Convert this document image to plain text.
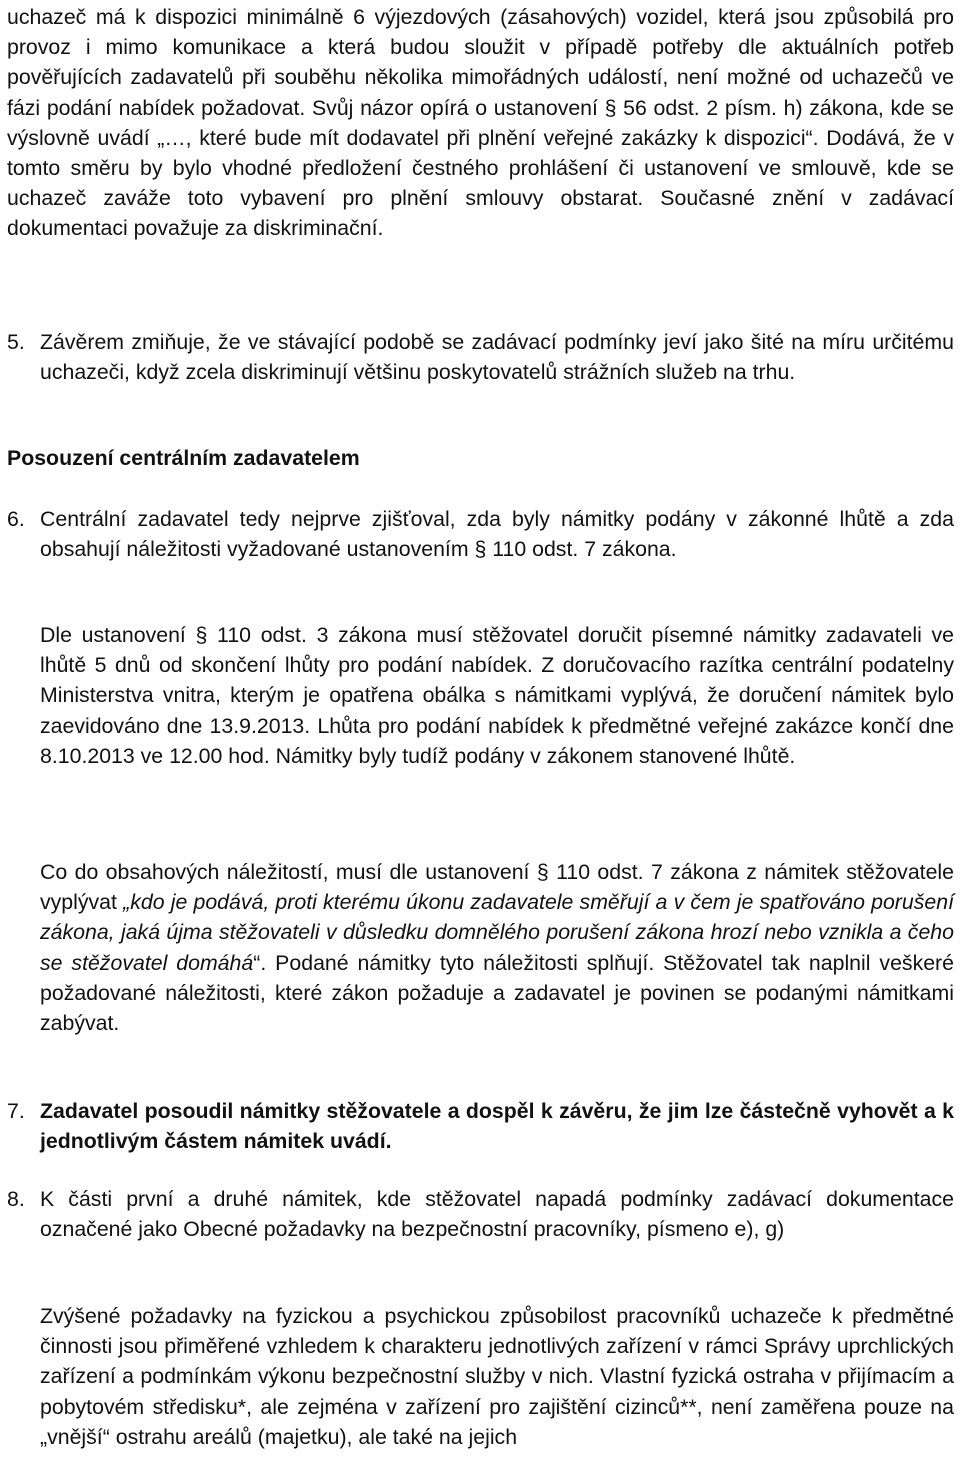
uchazeč má k dispozici minimálně 6 výjezdových (zásahových) vozidel, která jsou způsobilá pro provoz i mimo komunikace a která budou sloužit v případě potřeby dle aktuálních potřeb pověřujících zadavatelů při souběhu několika mimořádných událostí, není možné od uchazečů ve fázi podání nabídek požadovat. Svůj názor opírá o ustanovení § 56 odst. 2 písm. h) zákona, kde se výslovně uvádí „…, které bude mít dodavatel při plnění veřejné zakázky k dispozici“. Dodává, že v tomto směru by bylo vhodné předložení čestného prohlášení či ustanovení ve smlouvě, kde se uchazeč zaváže toto vybavení pro plnění smlouvy obstarat. Současné znění v zadávací dokumentaci považuje za diskriminační.

5. Závěrem zmiňuje, že ve stávající podobě se zadávací podmínky jeví jako šité na míru určitému uchazeči, když zcela diskriminují většinu poskytovatelů strážních služeb na trhu.

Posouzení centrálním zadavatelem

6. Centrální zadavatel tedy nejprve zjišťoval, zda byly námitky podány v zákonné lhůtě a zda obsahují náležitosti vyžadované ustanovením § 110 odst. 7 zákona.

Dle ustanovení § 110 odst. 3 zákona musí stěžovatel doručit písemné námitky zadavateli ve lhůtě 5 dnů od skončení lhůty pro podání nabídek. Z doručovacího razítka centrální podatelny Ministerstva vnitra, kterým je opatřena obálka s námitkami vyplývá, že doručení námitek bylo zaevidováno dne 13.9.2013. Lhůta pro podání nabídek k předmětné veřejné zakázce končí dne 8.10.2013 ve 12.00 hod. Námitky byly tudíž podány v zákonem stanovené lhůtě.

Co do obsahových náležitostí, musí dle ustanovení § 110 odst. 7 zákona z námitek stěžovatele vyplývat „kdo je podává, proti kterému úkonu zadavatele směřují a v čem je spatřováno porušení zákona, jaká újma stěžovateli v důsledku domnělého porušení zákona hrozí nebo vznikla a čeho se stěžovatel domáhá“. Podané námitky tyto náležitosti splňují. Stěžovatel tak naplnil veškeré požadované náležitosti, které zákon požaduje a zadavatel je povinen se podanými námitkami zabývat.

7. Zadavatel posoudil námitky stěžovatele a dospěl k závěru, že jim lze částečně vyhovět a k jednotlivým částem námitek uvádí.

8. K části první a druhé námitek, kde stěžovatel napadá podmínky zadávací dokumentace označené jako Obecné požadavky na bezpečnostní pracovníky, písmeno e), g)

Zvýšené požadavky na fyzickou a psychickou způsobilost pracovníků uchazeče k předmětné činnosti jsou přiměřené vzhledem k charakteru jednotlivých zařízení v rámci Správy uprchlických zařízení a podmínkám výkonu bezpečnostní služby v nich. Vlastní fyzická ostraha v přijímacím a pobytovém středisku*, ale zejména v zařízení pro zajištění cizinců**, není zaměřena pouze na „vnější“ ostrahu areálů (majetku), ale také na jejich
